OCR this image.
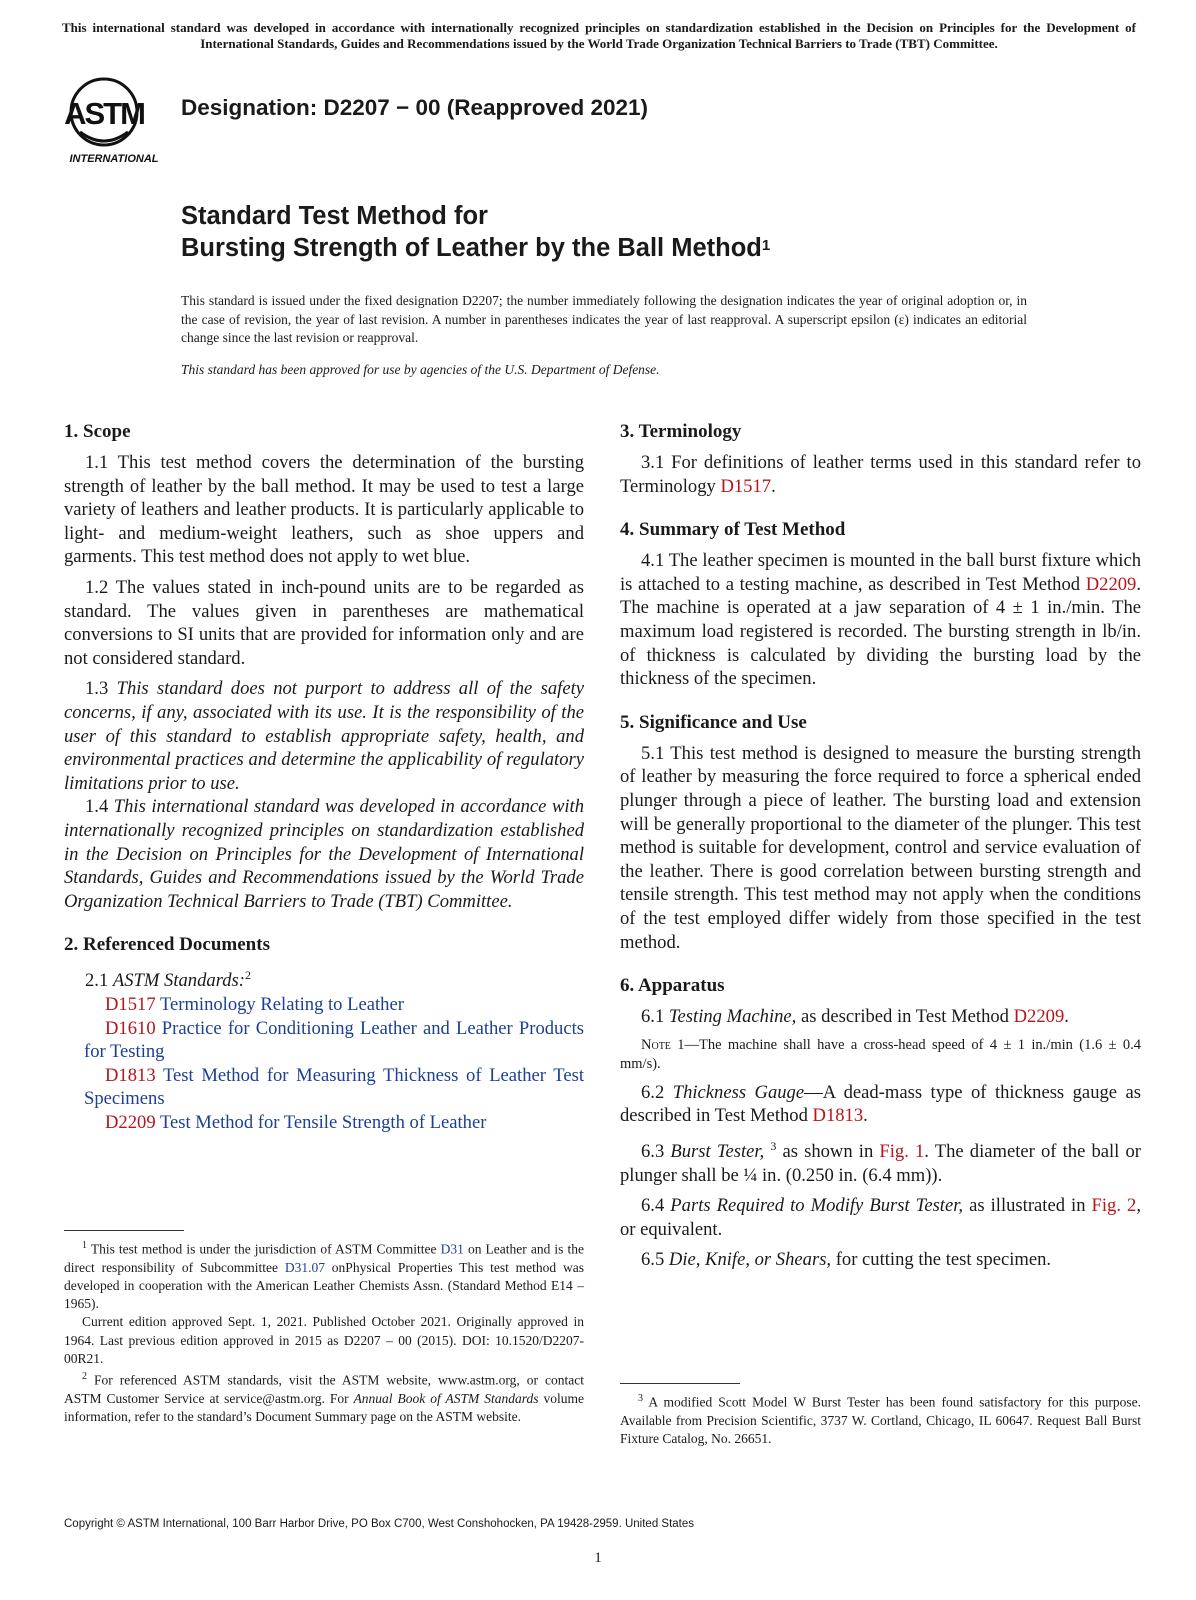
This international standard was developed in accordance with internationally recognized principles on standardization established in the Decision on Principles for the Development of International Standards, Guides and Recommendations issued by the World Trade Organization Technical Barriers to Trade (TBT) Committee.
ASTM
INTERNATIONAL
Designation: D2207 − 00 (Reapproved 2021)
Standard Test Method for
Bursting Strength of Leather by the Ball Method$^1$
This standard is issued under the fixed designation D2207; the number immediately following the designation indicates the year of original adoption or, in the case of revision, the year of last revision. A number in parentheses indicates the year of last reapproval. A superscript epsilon (ε) indicates an editorial change since the last revision or reapproval.
This standard has been approved for use by agencies of the U.S. Department of Defense.
1. Scope

1.1 This test method covers the determination of the bursting strength of leather by the ball method. It may be used to test a large variety of leathers and leather products. It is particularly applicable to light- and medium-weight leathers, such as shoe uppers and garments. This test method does not apply to wet blue.

1.2 The values stated in inch-pound units are to be regarded as standard. The values given in parentheses are mathematical conversions to SI units that are provided for information only and are not considered standard.

1.3 This standard does not purport to address all of the safety concerns, if any, associated with its use. It is the responsibility of the user of this standard to establish appropriate safety, health, and environmental practices and determine the applicability of regulatory limitations prior to use.

1.4 This international standard was developed in accordance with internationally recognized principles on standardization established in the Decision on Principles for the Development of International Standards, Guides and Recommendations issued by the World Trade Organization Technical Barriers to Trade (TBT) Committee.

2. Referenced Documents

2.1 ASTM Standards:$^2$

D1517 Terminology Relating to Leather

D1610 Practice for Conditioning Leather and Leather Products for Testing

D1813 Test Method for Measuring Thickness of Leather Test Specimens

D2209 Test Method for Tensile Strength of Leather

3. Terminology

3.1 For definitions of leather terms used in this standard refer to Terminology D1517.

4. Summary of Test Method

4.1 The leather specimen is mounted in the ball burst fixture which is attached to a testing machine, as described in Test Method D2209. The machine is operated at a jaw separation of 4 ± 1 in./min. The maximum load registered is recorded. The bursting strength in lb/in. of thickness is calculated by dividing the bursting load by the thickness of the specimen.

5. Significance and Use

5.1 This test method is designed to measure the bursting strength of leather by measuring the force required to force a spherical ended plunger through a piece of leather. The bursting load and extension will be generally proportional to the diameter of the plunger. This test method is suitable for development, control and service evaluation of the leather. There is good correlation between bursting strength and tensile strength. This test method may not apply when the conditions of the test employed differ widely from those specified in the test method.

6. Apparatus

6.1 Testing Machine, as described in Test Method D2209.

Note 1—The machine shall have a cross-head speed of 4 ± 1 in./min (1.6 ± 0.4 mm/s).

6.2 Thickness Gauge—A dead-mass type of thickness gauge as described in Test Method D1813.

6.3 Burst Tester, $^3$ as shown in Fig. 1. The diameter of the ball or plunger shall be ¼ in. (0.250 in. (6.4 mm)).

6.4 Parts Required to Modify Burst Tester, as illustrated in Fig. 2, or equivalent.

6.5 Die, Knife, or Shears, for cutting the test specimen.

$^1$ This test method is under the jurisdiction of ASTM Committee D31 on Leather and is the direct responsibility of Subcommittee D31.07 onPhysical Properties This test method was developed in cooperation with the American Leather Chemists Assn. (Standard Method E14 – 1965).

Current edition approved Sept. 1, 2021. Published October 2021. Originally approved in 1964. Last previous edition approved in 2015 as D2207 – 00 (2015). DOI: 10.1520/D2207-00R21.

$^2$ For referenced ASTM standards, visit the ASTM website, www.astm.org, or contact ASTM Customer Service at service@astm.org. For Annual Book of ASTM Standards volume information, refer to the standard’s Document Summary page on the ASTM website.

$^3$ A modified Scott Model W Burst Tester has been found satisfactory for this purpose. Available from Precision Scientific, 3737 W. Cortland, Chicago, IL 60647. Request Ball Burst Fixture Catalog, No. 26651.

Copyright © ASTM International, 100 Barr Harbor Drive, PO Box C700, West Conshohocken, PA 19428-2959. United States
1
